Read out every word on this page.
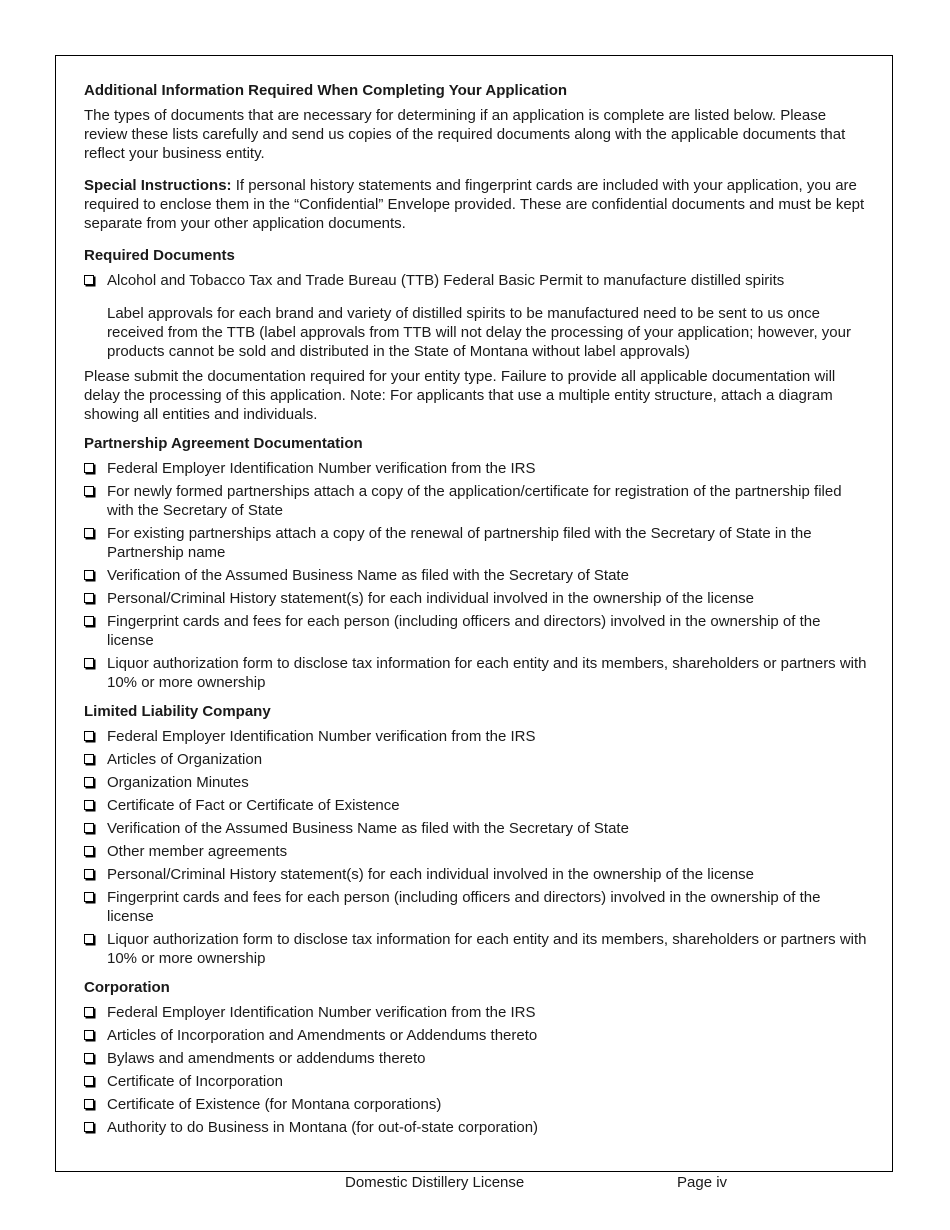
Additional Information Required When Completing Your Application

The types of documents that are necessary for determining if an application is complete are listed below. Please review these lists carefully and send us copies of the required documents along with the applicable documents that reflect your business entity.

Special Instructions: If personal history statements and fingerprint cards are included with your application, you are required to enclose them in the “Confidential” Envelope provided. These are confidential documents and must be kept separate from your other application documents.

Required Documents

Alcohol and Tobacco Tax and Trade Bureau (TTB) Federal Basic Permit to manufacture distilled spirits

Label approvals for each brand and variety of distilled spirits to be manufactured need to be sent to us once received from the TTB (label approvals from TTB will not delay the processing of your application; however, your products cannot be sold and distributed in the State of Montana without label approvals)

Please submit the documentation required for your entity type. Failure to provide all applicable documentation will delay the processing of this application. Note: For applicants that use a multiple entity structure, attach a diagram showing all entities and individuals.

Partnership Agreement Documentation

Federal Employer Identification Number verification from the IRS
For newly formed partnerships attach a copy of the application/certificate for registration of the partnership filed with the Secretary of State
For existing partnerships attach a copy of the renewal of partnership filed with the Secretary of State in the Partnership name
Verification of the Assumed Business Name as filed with the Secretary of State
Personal/Criminal History statement(s) for each individual involved in the ownership of the license
Fingerprint cards and fees for each person (including officers and directors) involved in the ownership of the license
Liquor authorization form to disclose tax information for each entity and its members, shareholders or partners with 10% or more ownership

Limited Liability Company

Federal Employer Identification Number verification from the IRS
Articles of Organization
Organization Minutes
Certificate of Fact or Certificate of Existence
Verification of the Assumed Business Name as filed with the Secretary of State
Other member agreements
Personal/Criminal History statement(s) for each individual involved in the ownership of the license
Fingerprint cards and fees for each person (including officers and directors) involved in the ownership of the license
Liquor authorization form to disclose tax information for each entity and its members, shareholders or partners with 10% or more ownership

Corporation

Federal Employer Identification Number verification from the IRS
Articles of Incorporation and Amendments or Addendums thereto
Bylaws and amendments or addendums thereto
Certificate of Incorporation
Certificate of Existence (for Montana corporations)
Authority to do Business in Montana (for out-of-state corporation)
Domestic Distillery License	Page iv
